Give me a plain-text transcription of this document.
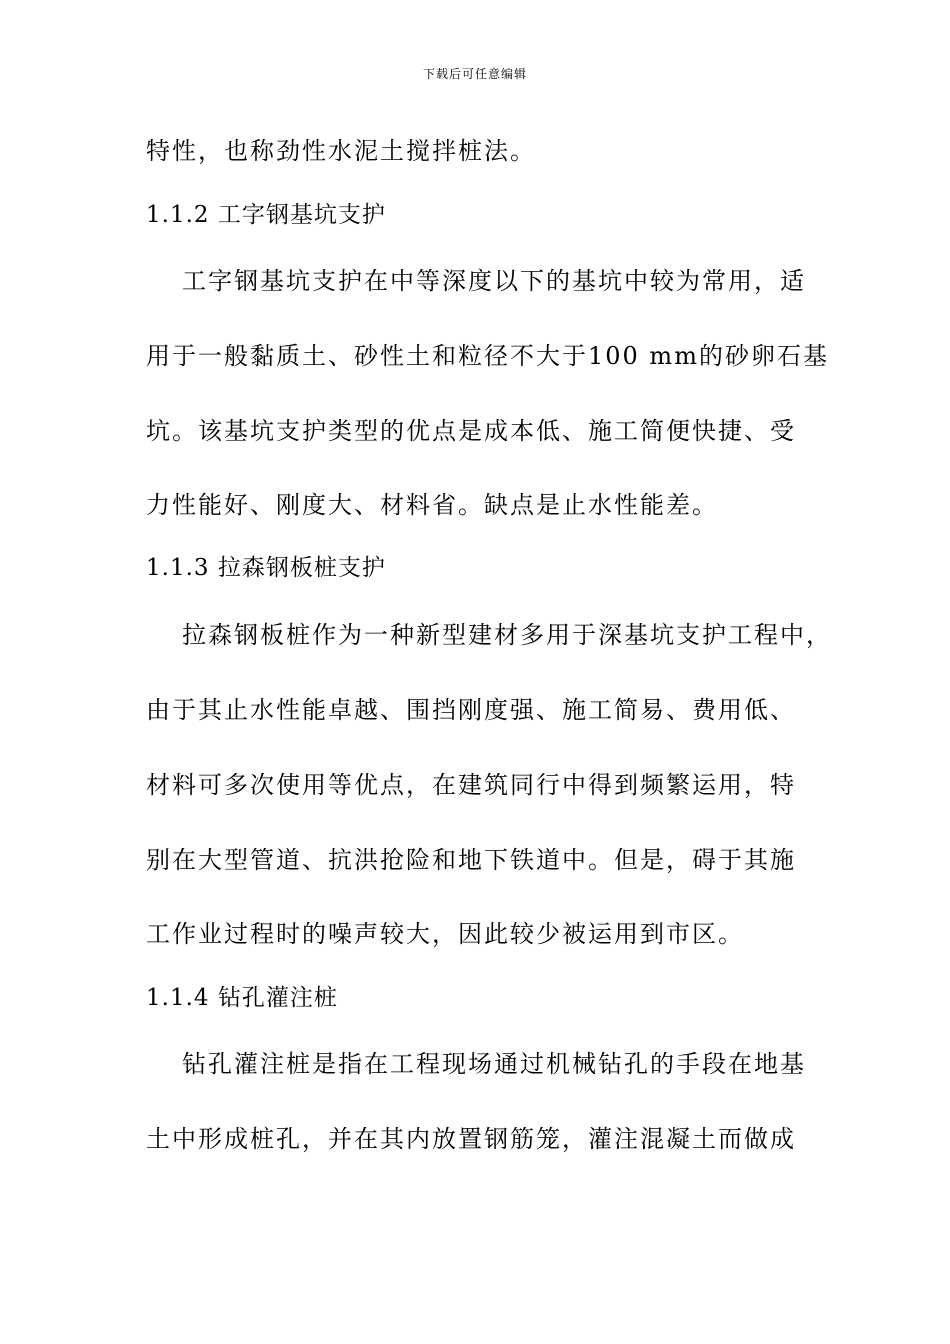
下载后可任意编辑
特性，也称劲性水泥土搅拌桩法。
1.1.2 工字钢基坑支护
工字钢基坑支护在中等深度以下的基坑中较为常用，适
用于一般黏质土、砂性土和粒径不大于100 mm的砂卵石基
坑。该基坑支护类型的优点是成本低、施工简便快捷、受
力性能好、刚度大、材料省。缺点是止水性能差。
1.1.3 拉森钢板桩支护
拉森钢板桩作为一种新型建材多用于深基坑支护工程中，
由于其止水性能卓越、围挡刚度强、施工简易、费用低、
材料可多次使用等优点，在建筑同行中得到频繁运用，特
别在大型管道、抗洪抢险和地下铁道中。但是，碍于其施
工作业过程时的噪声较大，因此较少被运用到市区。
1.1.4 钻孔灌注桩
钻孔灌注桩是指在工程现场通过机械钻孔的手段在地基
土中形成桩孔，并在其内放置钢筋笼，灌注混凝土而做成
